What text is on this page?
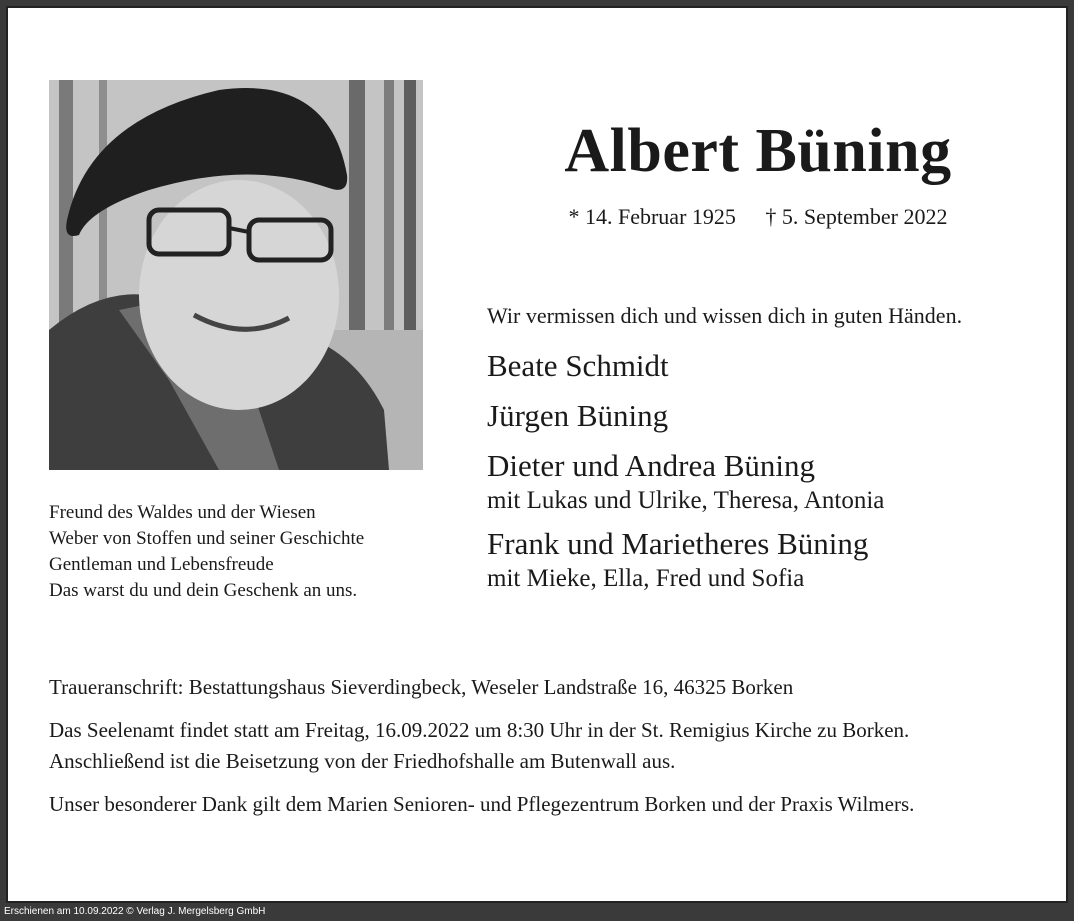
Albert Büning
* 14. Februar 1925 † 5. September 2022
Wir vermissen dich und wissen dich in guten Händen.
Beate Schmidt
Jürgen Büning
Dieter und Andrea Büning
mit Lukas und Ulrike, Theresa, Antonia
Frank und Marietheres Büning
mit Mieke, Ella, Fred und Sofia
Freund des Waldes und der Wiesen
Weber von Stoffen und seiner Geschichte
Gentleman und Lebensfreude
Das warst du und dein Geschenk an uns.

Traueranschrift: Bestattungshaus Sieverdingbeck, Weseler Landstraße 16, 46325 Borken

Das Seelenamt findet statt am Freitag, 16.09.2022 um 8:30 Uhr in der St. Remigius Kirche zu Borken.
Anschließend ist die Beisetzung von der Friedhofshalle am Butenwall aus.

Unser besonderer Dank gilt dem Marien Senioren- und Pflegezentrum Borken und der Praxis Wilmers.

Erschienen am 10.09.2022 © Verlag J. Mergelsberg GmbH
